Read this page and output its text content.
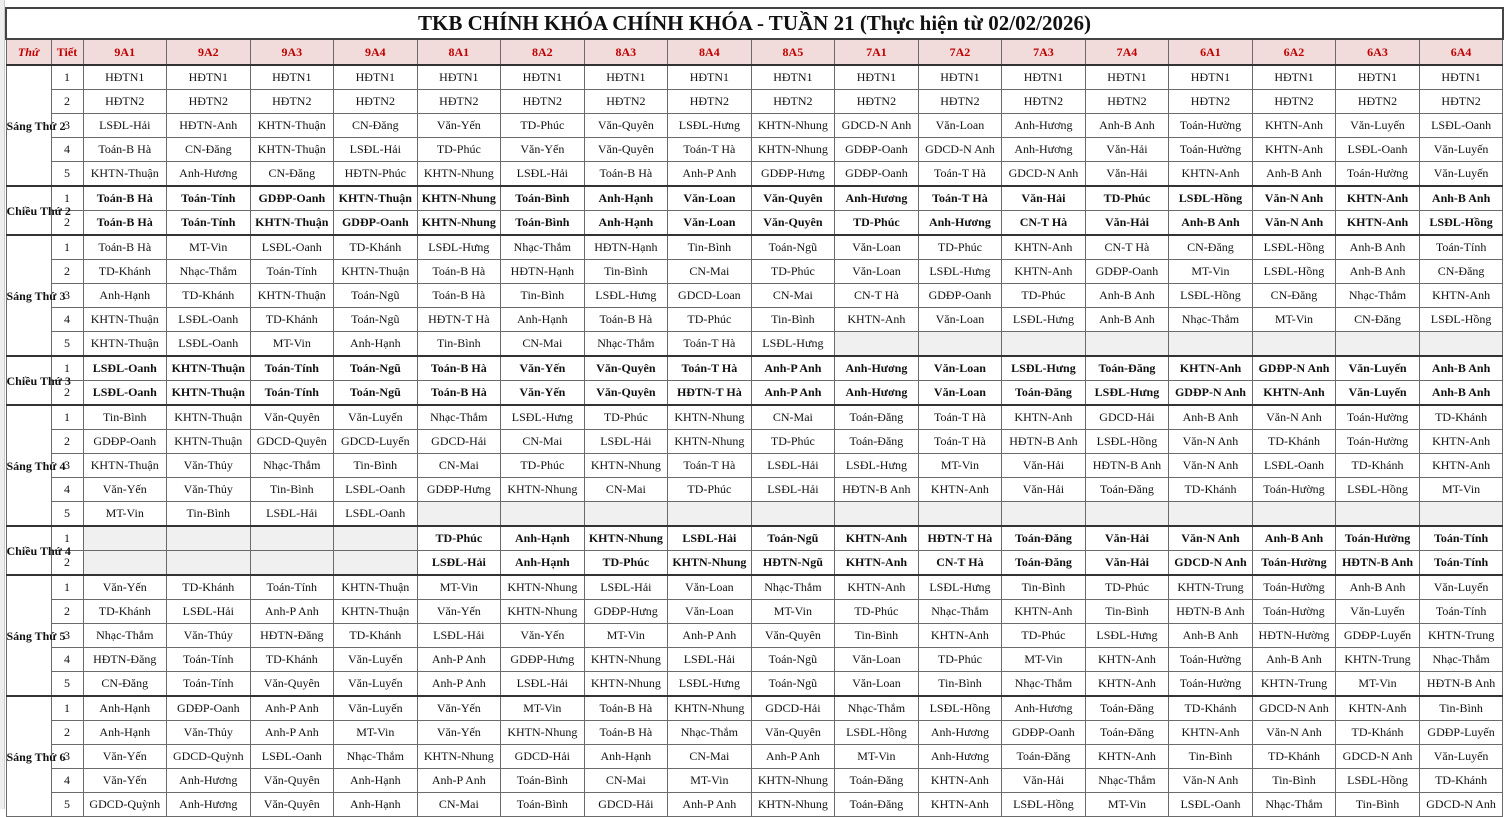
TKB CHÍNH KHÓA CHÍNH KHÓA - TUẦN 21 (Thực hiện từ 02/02/2026)																		
Thứ	Tiết	9A1	9A2	9A3	9A4	8A1	8A2	8A3	8A4	8A5	7A1	7A2	7A3	7A4	6A1	6A2	6A3	6A4
Sáng Thứ 2	1	HĐTN1	HĐTN1	HĐTN1	HĐTN1	HĐTN1	HĐTN1	HĐTN1	HĐTN1	HĐTN1	HĐTN1	HĐTN1	HĐTN1	HĐTN1	HĐTN1	HĐTN1	HĐTN1	HĐTN1
	2	HĐTN2	HĐTN2	HĐTN2	HĐTN2	HĐTN2	HĐTN2	HĐTN2	HĐTN2	HĐTN2	HĐTN2	HĐTN2	HĐTN2	HĐTN2	HĐTN2	HĐTN2	HĐTN2	HĐTN2
	3	LSĐL-Hải	HĐTN-Anh	KHTN-Thuận	CN-Đăng	Văn-Yến	TD-Phúc	Văn-Quyên	LSĐL-Hưng	KHTN-Nhung	GDCD-N Anh	Văn-Loan	Anh-Hương	Anh-B Anh	Toán-Hường	KHTN-Anh	Văn-Luyến	LSĐL-Oanh
	4	Toán-B Hà	CN-Đăng	KHTN-Thuận	LSĐL-Hải	TD-Phúc	Văn-Yến	Văn-Quyên	Toán-T Hà	KHTN-Nhung	GDĐP-Oanh	GDCD-N Anh	Anh-Hương	Văn-Hải	Toán-Hường	KHTN-Anh	LSĐL-Oanh	Văn-Luyến
	5	KHTN-Thuận	Anh-Hương	CN-Đăng	HĐTN-Phúc	KHTN-Nhung	LSĐL-Hải	Toán-B Hà	Anh-P Anh	GDĐP-Hưng	GDĐP-Oanh	Toán-T Hà	GDCD-N Anh	Văn-Hải	KHTN-Anh	Anh-B Anh	Toán-Hường	Văn-Luyến
Chiều Thứ 2	1	Toán-B Hà	Toán-Tính	GDĐP-Oanh	KHTN-Thuận	KHTN-Nhung	Toán-Bình	Anh-Hạnh	Văn-Loan	Văn-Quyên	Anh-Hương	Toán-T Hà	Văn-Hải	TD-Phúc	LSĐL-Hồng	Văn-N Anh	KHTN-Anh	Anh-B Anh
	2	Toán-B Hà	Toán-Tính	KHTN-Thuận	GDĐP-Oanh	KHTN-Nhung	Toán-Bình	Anh-Hạnh	Văn-Loan	Văn-Quyên	TD-Phúc	Anh-Hương	CN-T Hà	Văn-Hải	Anh-B Anh	Văn-N Anh	KHTN-Anh	LSĐL-Hồng
Sáng Thứ 3	1	Toán-B Hà	MT-Vin	LSĐL-Oanh	TD-Khánh	LSĐL-Hưng	Nhạc-Thắm	HĐTN-Hạnh	Tin-Bình	Toán-Ngũ	Văn-Loan	TD-Phúc	KHTN-Anh	CN-T Hà	CN-Đăng	LSĐL-Hồng	Anh-B Anh	Toán-Tính
	2	TD-Khánh	Nhạc-Thắm	Toán-Tính	KHTN-Thuận	Toán-B Hà	HĐTN-Hạnh	Tin-Bình	CN-Mai	TD-Phúc	Văn-Loan	LSĐL-Hưng	KHTN-Anh	GDĐP-Oanh	MT-Vin	LSĐL-Hồng	Anh-B Anh	CN-Đăng
	3	Anh-Hạnh	TD-Khánh	KHTN-Thuận	Toán-Ngũ	Toán-B Hà	Tin-Bình	LSĐL-Hưng	GDCD-Loan	CN-Mai	CN-T Hà	GDĐP-Oanh	TD-Phúc	Anh-B Anh	LSĐL-Hồng	CN-Đăng	Nhạc-Thắm	KHTN-Anh
	4	KHTN-Thuận	LSĐL-Oanh	TD-Khánh	Toán-Ngũ	HĐTN-T Hà	Anh-Hạnh	Toán-B Hà	TD-Phúc	Tin-Bình	KHTN-Anh	Văn-Loan	LSĐL-Hưng	Anh-B Anh	Nhạc-Thắm	MT-Vin	CN-Đăng	LSĐL-Hồng
	5	KHTN-Thuận	LSĐL-Oanh	MT-Vin	Anh-Hạnh	Tin-Bình	CN-Mai	Nhạc-Thắm	Toán-T Hà	LSĐL-Hưng								
Chiều Thứ 3	1	LSĐL-Oanh	KHTN-Thuận	Toán-Tính	Toán-Ngũ	Toán-B Hà	Văn-Yến	Văn-Quyên	Toán-T Hà	Anh-P Anh	Anh-Hương	Văn-Loan	LSĐL-Hưng	Toán-Đăng	KHTN-Anh	GDĐP-N Anh	Văn-Luyến	Anh-B Anh
	2	LSĐL-Oanh	KHTN-Thuận	Toán-Tính	Toán-Ngũ	Toán-B Hà	Văn-Yến	Văn-Quyên	HĐTN-T Hà	Anh-P Anh	Anh-Hương	Văn-Loan	Toán-Đăng	LSĐL-Hưng	GDĐP-N Anh	KHTN-Anh	Văn-Luyến	Anh-B Anh
Sáng Thứ 4	1	Tin-Bình	KHTN-Thuận	Văn-Quyên	Văn-Luyến	Nhạc-Thắm	LSĐL-Hưng	TD-Phúc	KHTN-Nhung	CN-Mai	Toán-Đăng	Toán-T Hà	KHTN-Anh	GDCD-Hải	Anh-B Anh	Văn-N Anh	Toán-Hường	TD-Khánh
	2	GDĐP-Oanh	KHTN-Thuận	GDCD-Quyên	GDCD-Luyến	GDCD-Hải	CN-Mai	LSĐL-Hải	KHTN-Nhung	TD-Phúc	Toán-Đăng	Toán-T Hà	HĐTN-B Anh	LSĐL-Hồng	Văn-N Anh	TD-Khánh	Toán-Hường	KHTN-Anh
	3	KHTN-Thuận	Văn-Thủy	Nhạc-Thắm	Tin-Bình	CN-Mai	TD-Phúc	KHTN-Nhung	Toán-T Hà	LSĐL-Hải	LSĐL-Hưng	MT-Vin	Văn-Hải	HĐTN-B Anh	Văn-N Anh	LSĐL-Oanh	TD-Khánh	KHTN-Anh
	4	Văn-Yến	Văn-Thủy	Tin-Bình	LSĐL-Oanh	GDĐP-Hưng	KHTN-Nhung	CN-Mai	TD-Phúc	LSĐL-Hải	HĐTN-B Anh	KHTN-Anh	Văn-Hải	Toán-Đăng	TD-Khánh	Toán-Hường	LSĐL-Hồng	MT-Vin
	5	MT-Vin	Tin-Bình	LSĐL-Hải	LSĐL-Oanh													
Chiều Thứ 4	1					TD-Phúc	Anh-Hạnh	KHTN-Nhung	LSĐL-Hải	Toán-Ngũ	KHTN-Anh	HĐTN-T Hà	Toán-Đăng	Văn-Hải	Văn-N Anh	Anh-B Anh	Toán-Hường	Toán-Tính
	2					LSĐL-Hải	Anh-Hạnh	TD-Phúc	KHTN-Nhung	HĐTN-Ngũ	KHTN-Anh	CN-T Hà	Toán-Đăng	Văn-Hải	GDCD-N Anh	Toán-Hường	HĐTN-B Anh	Toán-Tính
Sáng Thứ 5	1	Văn-Yến	TD-Khánh	Toán-Tính	KHTN-Thuận	MT-Vin	KHTN-Nhung	LSĐL-Hải	Văn-Loan	Nhạc-Thắm	KHTN-Anh	LSĐL-Hưng	Tin-Bình	TD-Phúc	KHTN-Trung	Toán-Hường	Anh-B Anh	Văn-Luyến
	2	TD-Khánh	LSĐL-Hải	Anh-P Anh	KHTN-Thuận	Văn-Yến	KHTN-Nhung	GDĐP-Hưng	Văn-Loan	MT-Vin	TD-Phúc	Nhạc-Thắm	KHTN-Anh	Tin-Bình	HĐTN-B Anh	Toán-Hường	Văn-Luyến	Toán-Tính
	3	Nhạc-Thắm	Văn-Thủy	HĐTN-Đăng	TD-Khánh	LSĐL-Hải	Văn-Yến	MT-Vin	Anh-P Anh	Văn-Quyên	Tin-Bình	KHTN-Anh	TD-Phúc	LSĐL-Hưng	Anh-B Anh	HĐTN-Hường	GDĐP-Luyến	KHTN-Trung
	4	HĐTN-Đăng	Toán-Tính	TD-Khánh	Văn-Luyến	Anh-P Anh	GDĐP-Hưng	KHTN-Nhung	LSĐL-Hải	Toán-Ngũ	Văn-Loan	TD-Phúc	MT-Vin	KHTN-Anh	Toán-Hường	Anh-B Anh	KHTN-Trung	Nhạc-Thắm
	5	CN-Đăng	Toán-Tính	Văn-Quyên	Văn-Luyến	Anh-P Anh	LSĐL-Hải	KHTN-Nhung	LSĐL-Hưng	Toán-Ngũ	Văn-Loan	Tin-Bình	Nhạc-Thắm	KHTN-Anh	Toán-Hường	KHTN-Trung	MT-Vin	HĐTN-B Anh
Sáng Thứ 6	1	Anh-Hạnh	GDĐP-Oanh	Anh-P Anh	Văn-Luyến	Văn-Yến	MT-Vin	Toán-B Hà	KHTN-Nhung	GDCD-Hải	Nhạc-Thắm	LSĐL-Hồng	Anh-Hương	Toán-Đăng	TD-Khánh	GDCD-N Anh	KHTN-Anh	Tin-Bình
	2	Anh-Hạnh	Văn-Thủy	Anh-P Anh	MT-Vin	Văn-Yến	KHTN-Nhung	Toán-B Hà	Nhạc-Thắm	Văn-Quyên	LSĐL-Hồng	Anh-Hương	GDĐP-Oanh	Toán-Đăng	KHTN-Anh	Văn-N Anh	TD-Khánh	GDĐP-Luyến
	3	Văn-Yến	GDCD-Quỳnh	LSĐL-Oanh	Nhạc-Thắm	KHTN-Nhung	GDCD-Hải	Anh-Hạnh	CN-Mai	Anh-P Anh	MT-Vin	Anh-Hương	Toán-Đăng	KHTN-Anh	Tin-Bình	TD-Khánh	GDCD-N Anh	Văn-Luyến
	4	Văn-Yến	Anh-Hương	Văn-Quyên	Anh-Hạnh	Anh-P Anh	Toán-Bình	CN-Mai	MT-Vin	KHTN-Nhung	Toán-Đăng	KHTN-Anh	Văn-Hải	Nhạc-Thắm	Văn-N Anh	Tin-Bình	LSĐL-Hồng	TD-Khánh
	5	GDCD-Quỳnh	Anh-Hương	Văn-Quyên	Anh-Hạnh	CN-Mai	Toán-Bình	GDCD-Hải	Anh-P Anh	KHTN-Nhung	Toán-Đăng	KHTN-Anh	LSĐL-Hồng	MT-Vin	LSĐL-Oanh	Nhạc-Thắm	Tin-Bình	GDCD-N Anh
